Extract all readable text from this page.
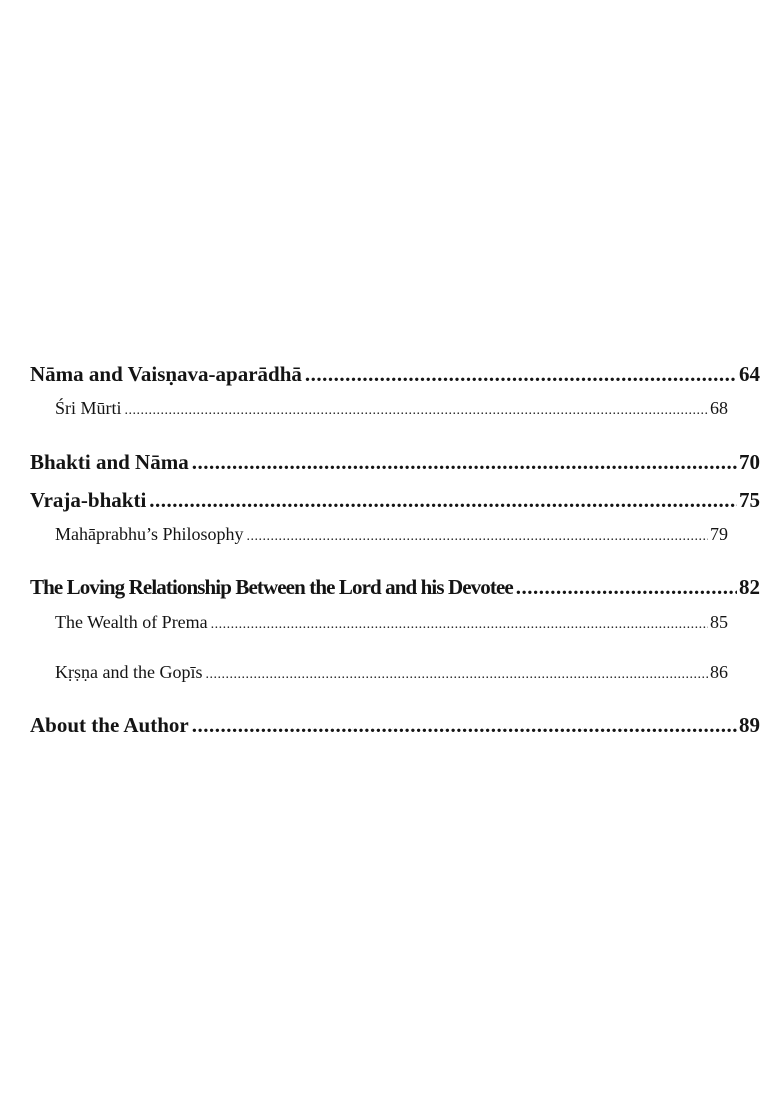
Nāma and Vaisṇava-aparādhā .....	64
Śri Mūrti .....	68
Bhakti and Nāma .....	70
Vraja-bhakti .....	75
Mahāprabhu’s Philosophy .....	79
The Loving Relationship Between the Lord and his Devotee .....	82
The Wealth of Prema .....	85
Kṛṣṇa and the Gopīs .....	86
About the Author .....	89
